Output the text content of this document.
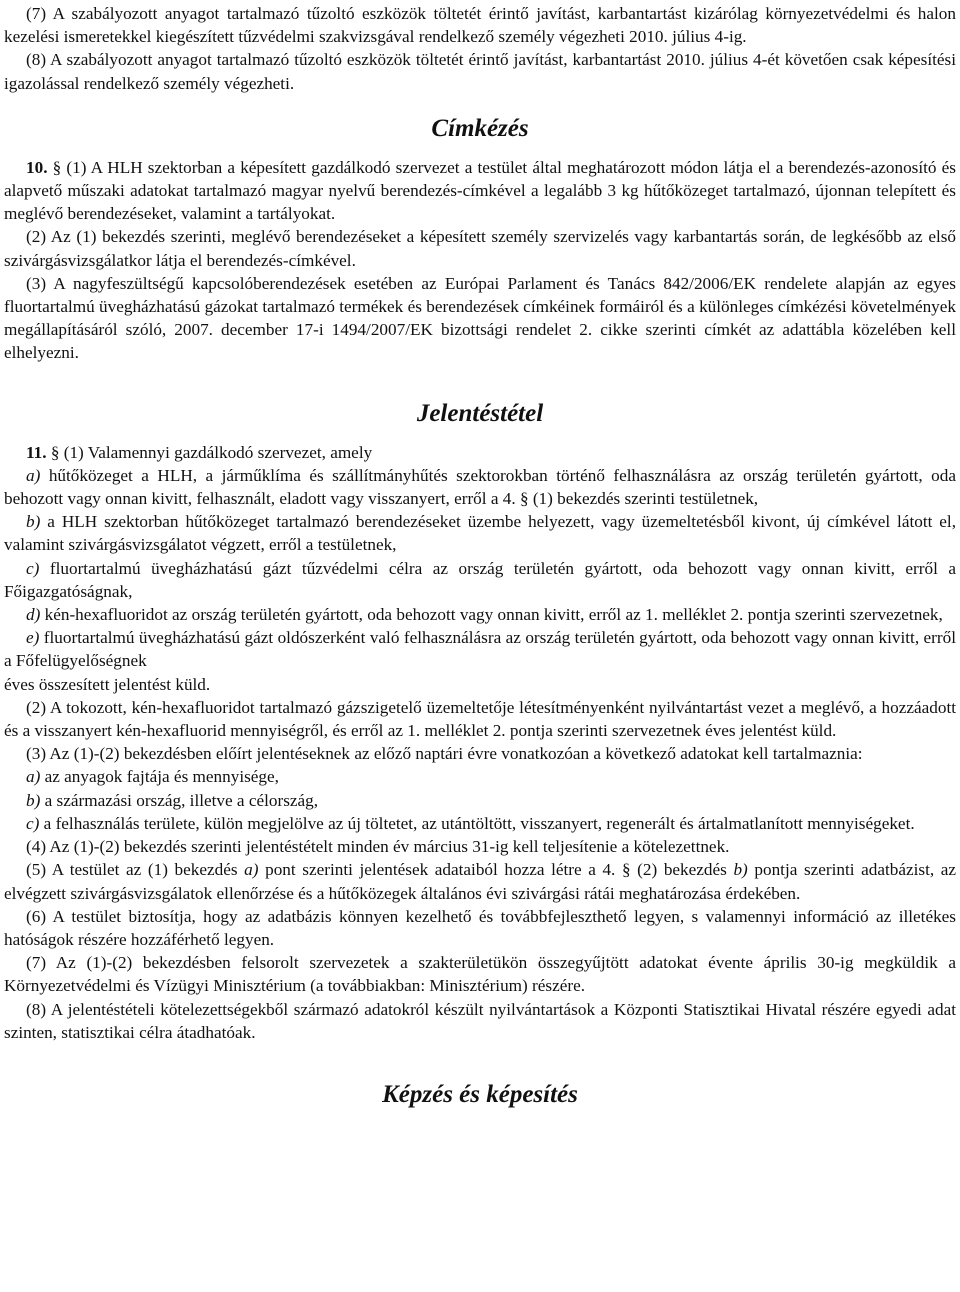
(7) A szabályozott anyagot tartalmazó tűzoltó eszközök töltetét érintő javítást, karbantartást kizárólag környezetvédelmi és halon kezelési ismeretekkel kiegészített tűzvédelmi szakvizsgával rendelkező személy végezheti 2010. július 4-ig.

(8) A szabályozott anyagot tartalmazó tűzoltó eszközök töltetét érintő javítást, karbantartást 2010. július 4-ét követően csak képesítési igazolással rendelkező személy végezheti.

Címkézés

10. § (1) A HLH szektorban a képesített gazdálkodó szervezet a testület által meghatározott módon látja el a berendezés-azonosító és alapvető műszaki adatokat tartalmazó magyar nyelvű berendezés-címkével a legalább 3 kg hűtőközeget tartalmazó, újonnan telepített és meglévő berendezéseket, valamint a tartályokat.

(2) Az (1) bekezdés szerinti, meglévő berendezéseket a képesített személy szervizelés vagy karbantartás során, de legkésőbb az első szivárgásvizsgálatkor látja el berendezés-címkével.

(3) A nagyfeszültségű kapcsolóberendezések esetében az Európai Parlament és Tanács 842/2006/EK rendelete alapján az egyes fluortartalmú üvegházhatású gázokat tartalmazó termékek és berendezések címkéinek formáiról és a különleges címkézési követelmények megállapításáról szóló, 2007. december 17-i 1494/2007/EK bizottsági rendelet 2. cikke szerinti címkét az adattábla közelében kell elhelyezni.

Jelentéstétel

11. § (1) Valamennyi gazdálkodó szervezet, amely

a) hűtőközeget a HLH, a járműklíma és szállítmányhűtés szektorokban történő felhasználásra az ország területén gyártott, oda behozott vagy onnan kivitt, felhasznált, eladott vagy visszanyert, erről a 4. § (1) bekezdés szerinti testületnek,

b) a HLH szektorban hűtőközeget tartalmazó berendezéseket üzembe helyezett, vagy üzemeltetésből kivont, új címkével látott el, valamint szivárgásvizsgálatot végzett, erről a testületnek,

c) fluortartalmú üvegházhatású gázt tűzvédelmi célra az ország területén gyártott, oda behozott vagy onnan kivitt, erről a Főigazgatóságnak,

d) kén-hexafluoridot az ország területén gyártott, oda behozott vagy onnan kivitt, erről az 1. melléklet 2. pontja szerinti szervezetnek,

e) fluortartalmú üvegházhatású gázt oldószerként való felhasználásra az ország területén gyártott, oda behozott vagy onnan kivitt, erről a Főfelügyelőségnek

éves összesített jelentést küld.

(2) A tokozott, kén-hexafluoridot tartalmazó gázszigetelő üzemeltetője létesítményenként nyilvántartást vezet a meglévő, a hozzáadott és a visszanyert kén-hexafluorid mennyiségről, és erről az 1. melléklet 2. pontja szerinti szervezetnek éves jelentést küld.

(3) Az (1)-(2) bekezdésben előírt jelentéseknek az előző naptári évre vonatkozóan a következő adatokat kell tartalmaznia:

a) az anyagok fajtája és mennyisége,

b) a származási ország, illetve a célország,

c) a felhasználás területe, külön megjelölve az új töltetet, az utántöltött, visszanyert, regenerált és ártalmatlanított mennyiségeket.

(4) Az (1)-(2) bekezdés szerinti jelentéstételt minden év március 31-ig kell teljesítenie a kötelezettnek.

(5) A testület az (1) bekezdés a) pont szerinti jelentések adataiból hozza létre a 4. § (2) bekezdés b) pontja szerinti adatbázist, az elvégzett szivárgásvizsgálatok ellenőrzése és a hűtőközegek általános évi szivárgási rátái meghatározása érdekében.

(6) A testület biztosítja, hogy az adatbázis könnyen kezelhető és továbbfejleszthető legyen, s valamennyi információ az illetékes hatóságok részére hozzáférhető legyen.

(7) Az (1)-(2) bekezdésben felsorolt szervezetek a szakterületükön összegyűjtött adatokat évente április 30-ig megküldik a Környezetvédelmi és Vízügyi Minisztérium (a továbbiakban: Minisztérium) részére.

(8) A jelentéstételi kötelezettségekből származó adatokról készült nyilvántartások a Központi Statisztikai Hivatal részére egyedi adat szinten, statisztikai célra átadhatóak.

Képzés és képesítés
